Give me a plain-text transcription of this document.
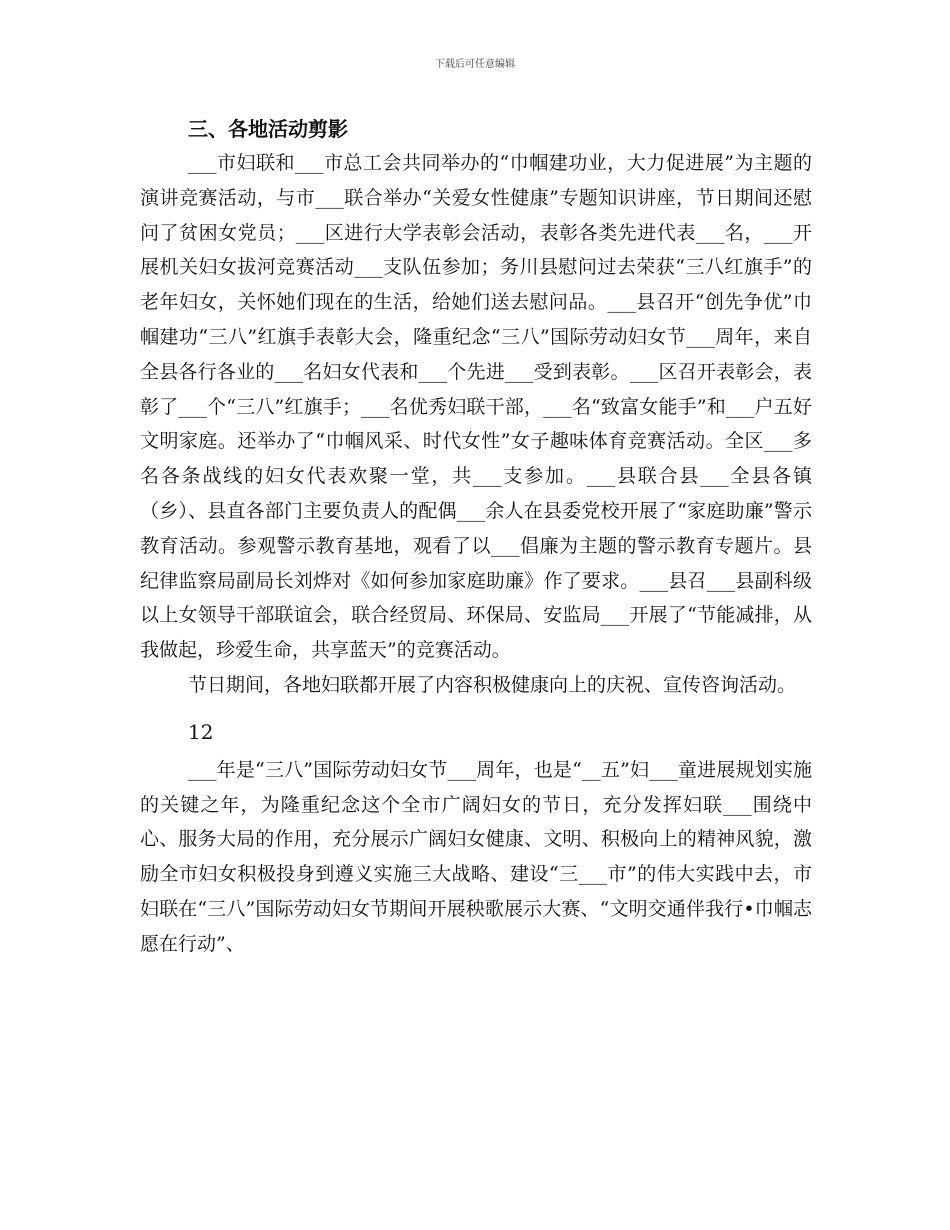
下载后可任意编辑
三、各地活动剪影

___市妇联和___市总工会共同举办的“巾帼建功业，大力促进展”为主题的演讲竞赛活动，与市___联合举办“关爱女性健康”专题知识讲座，节日期间还慰问了贫困女党员；___区进行大学表彰会活动，表彰各类先进代表___名，___开展机关妇女拔河竞赛活动___支队伍参加；务川县慰问过去荣获“三八红旗手”的老年妇女，关怀她们现在的生活，给她们送去慰问品。___县召开“创先争优”巾帼建功“三八”红旗手表彰大会，隆重纪念“三八”国际劳动妇女节___周年，来自全县各行各业的___名妇女代表和___个先进___受到表彰。___区召开表彰会，表彰了___个“三八”红旗手；___名优秀妇联干部，___名“致富女能手”和___户五好文明家庭。还举办了“巾帼风采、时代女性”女子趣味体育竞赛活动。全区___多名各条战线的妇女代表欢聚一堂，共___支参加。___县联合县___全县各镇（乡）、县直各部门主要负责人的配偶___余人在县委党校开展了“家庭助廉”警示教育活动。参观警示教育基地，观看了以___倡廉为主题的警示教育专题片。县纪律监察局副局长刘烨对《如何参加家庭助廉》作了要求。___县召___县副科级以上女领导干部联谊会，联合经贸局、环保局、安监局___开展了“节能减排，从我做起，珍爱生命，共享蓝天”的竞赛活动。

节日期间，各地妇联都开展了内容积极健康向上的庆祝、宣传咨询活动。

12

___年是“三八”国际劳动妇女节___周年，也是“__五”妇___童进展规划实施的关键之年，为隆重纪念这个全市广阔妇女的节日，充分发挥妇联___围绕中心、服务大局的作用，充分展示广阔妇女健康、文明、积极向上的精神风貌，激励全市妇女积极投身到遵义实施三大战略、建设“三___市”的伟大实践中去，市妇联在“三八”国际劳动妇女节期间开展秧歌展示大赛、“文明交通伴我行•巾帼志愿在行动”、
